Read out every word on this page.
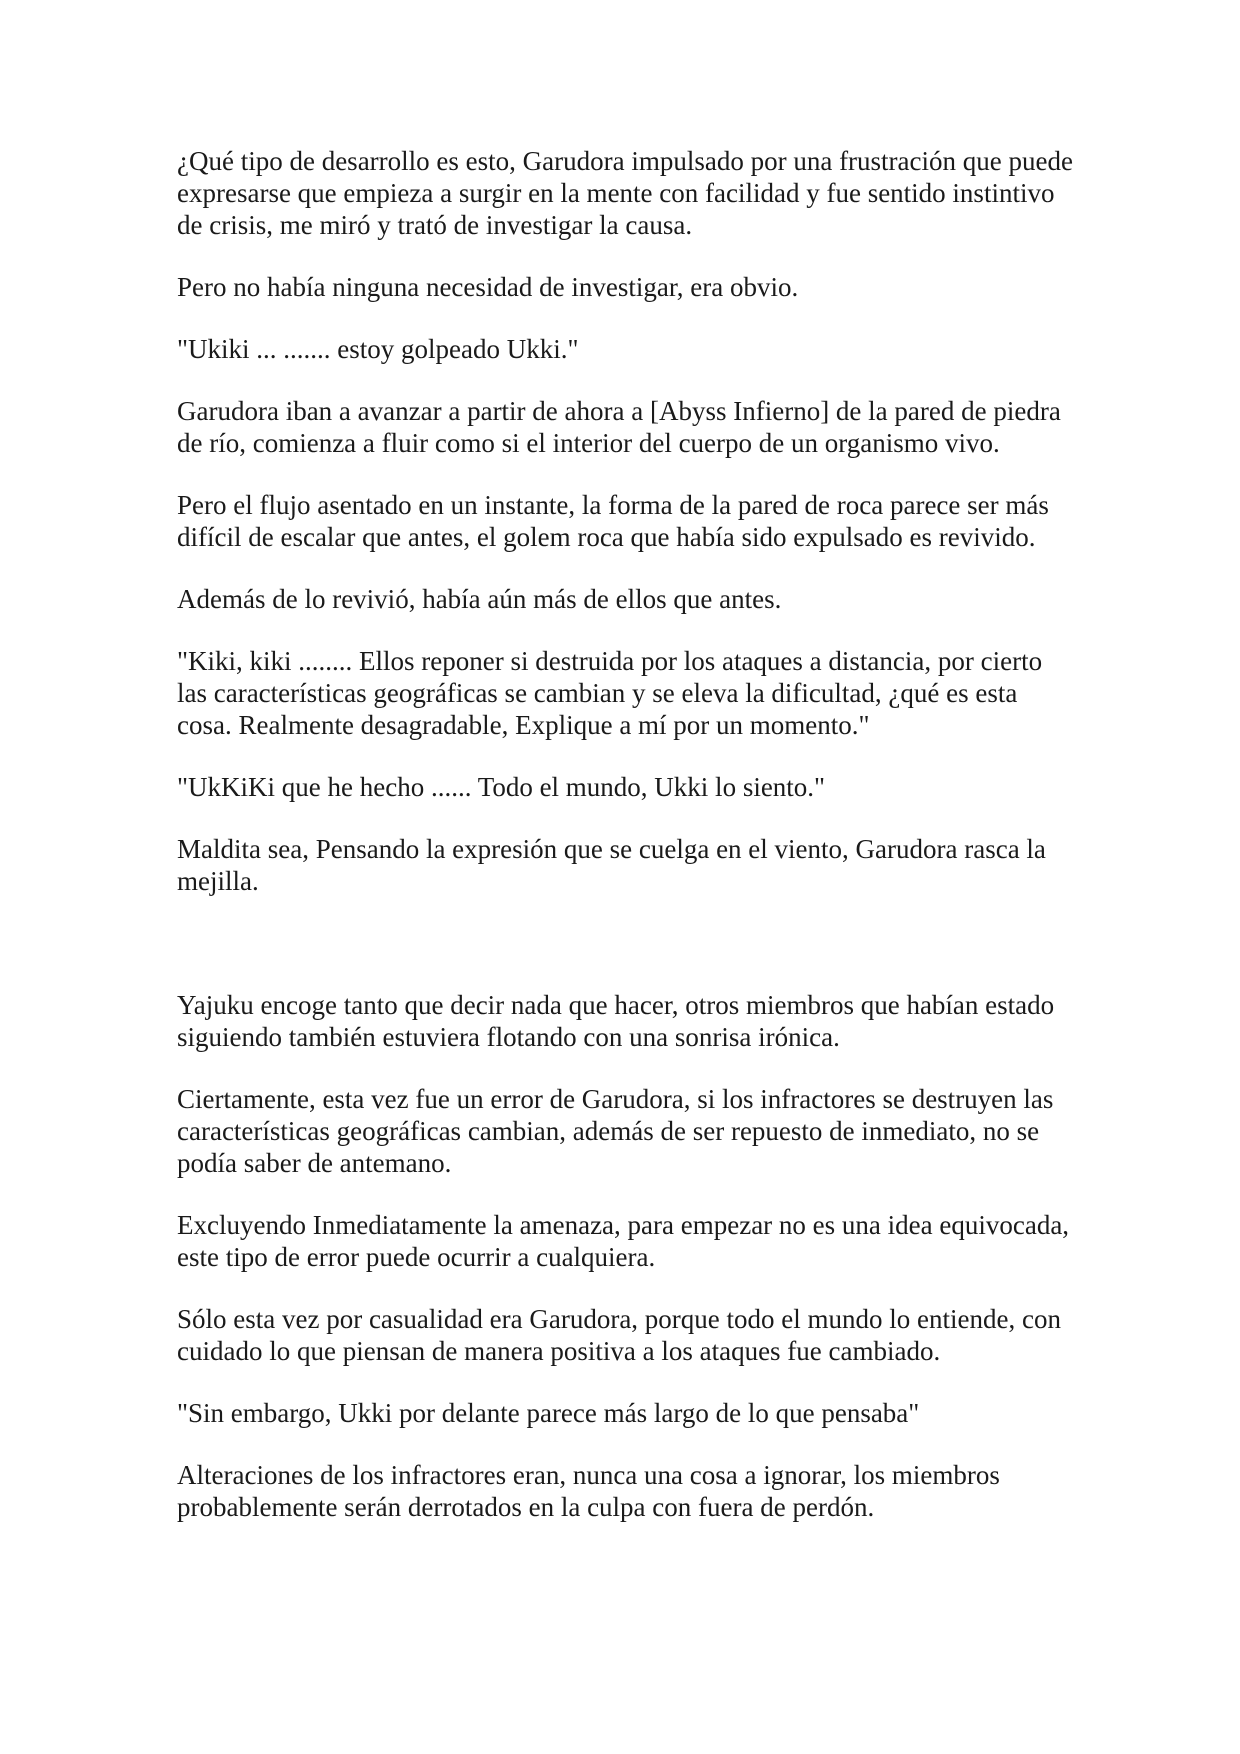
¿Qué tipo de desarrollo es esto, Garudora impulsado por una frustración que puede expresarse que empieza a surgir en la mente con facilidad y fue sentido instintivo de crisis, me miró y trató de investigar la causa.

Pero no había ninguna necesidad de investigar, era obvio.

"Ukiki ... ....... estoy golpeado Ukki."

Garudora iban a avanzar a partir de ahora a [Abyss Infierno] de la pared de piedra de río, comienza a fluir como si el interior del cuerpo de un organismo vivo.

Pero el flujo asentado en un instante, la forma de la pared de roca parece ser más difícil de escalar que antes, el golem roca que había sido expulsado es revivido.

Además de lo revivió, había aún más de ellos que antes.

"Kiki, kiki ........ Ellos reponer si destruida por los ataques a distancia, por cierto las características geográficas se cambian y se eleva la dificultad, ¿qué es esta cosa. Realmente desagradable, Explique a mí por un momento."

"UkKiKi que he hecho ...... Todo el mundo, Ukki lo siento."

Maldita sea, Pensando la expresión que se cuelga en el viento, Garudora rasca la mejilla.

Yajuku encoge tanto que decir nada que hacer, otros miembros que habían estado siguiendo también estuviera flotando con una sonrisa irónica.

Ciertamente, esta vez fue un error de Garudora, si los infractores se destruyen las características geográficas cambian, además de ser repuesto de inmediato, no se podía saber de antemano.

Excluyendo Inmediatamente la amenaza, para empezar no es una idea equivocada, este tipo de error puede ocurrir a cualquiera.

Sólo esta vez por casualidad era Garudora, porque todo el mundo lo entiende, con cuidado lo que piensan de manera positiva a los ataques fue cambiado.

"Sin embargo, Ukki por delante parece más largo de lo que pensaba"

Alteraciones de los infractores eran, nunca una cosa a ignorar, los miembros probablemente serán derrotados en la culpa con fuera de perdón.
